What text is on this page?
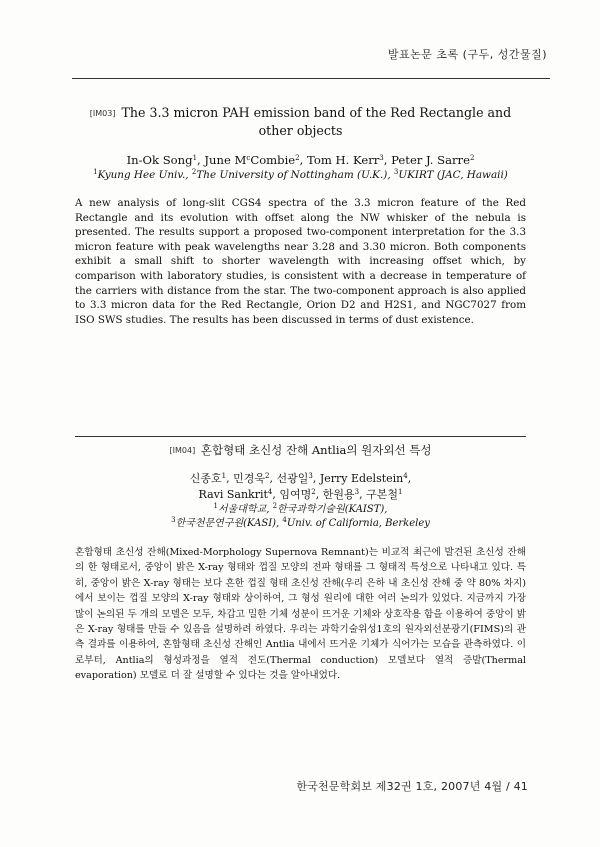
발표논문 초록 (구두, 성간물질)
[IM03] The 3.3 micron PAH emission band of the Red Rectangle and other objects
In-Ok Song$^1$, June $M^cCombie^2$, Tom H. Kerr$^3$, Peter J. Sarre$^2$
$^1$Kyung Hee Univ., $^2$The University of Nottingham (U.K.), $^3$UKIRT (JAC, Hawaii)
A new analysis of long-slit CGS4 spectra of the 3.3 micron feature of the Red Rectangle and its evolution with offset along the NW whisker of the nebula is presented. The results support a proposed two-component interpretation for the 3.3 micron feature with peak wavelengths near 3.28 and 3.30 micron. Both components exhibit a small shift to shorter wavelength with increasing offset which, by comparison with laboratory studies, is consistent with a decrease in temperature of the carriers with distance from the star. The two-component approach is also applied to 3.3 micron data for the Red Rectangle, Orion D2 and H2S1, and NGC7027 from ISO SWS studies. The results has been discussed in terms of dust existence.
[IM04] 혼합형태 초신성 잔해 Antlia의 원자외선 특성
신종호$^1$, 민경욱$^2$, 선광일$^3$, Jerry Edelstein$^4$,
Ravi Sankrit$^4$, 임여명$^2$, 한원용$^3$, 구본철$^1$
$^1$서울대학교, $^2$한국과학기술원(KAIST),
$^3$한국천문연구원(KASI), $^4$Univ. of California, Berkeley
혼합형태 초신성 잔해(Mixed-Morphology Supernova Remnant)는 비교적 최근에 발견된 초신성 잔해의 한 형태로서, 중앙이 밝은 X-ray 형태와 껍질 모양의 전파 형태를 그 형태적 특성으로 나타내고 있다. 특히, 중앙이 밝은 X-ray 형태는 보다 흔한 껍질 형태 초신성 잔해(우리 은하 내 초신성 잔해 중 약 80% 차지)에서 보이는 껍질 모양의 X-ray 형태와 상이하여, 그 형성 원리에 대한 여러 논의가 있었다. 지금까지 가장 많이 논의된 두 개의 모델은 모두, 차갑고 밀한 기체 성분이 뜨거운 기체와 상호작용 함을 이용하여 중앙이 밝은 X-ray 형태를 만들 수 있음을 설명하려 하였다. 우리는 과학기술위성1호의 원자외선분광기(FIMS)의 관측 결과를 이용하여, 혼합형태 초신성 잔해인 Antlia 내에서 뜨거운 기체가 식어가는 모습을 관측하였다. 이로부터, Antlia의 형성과정을 열적 전도(Thermal conduction) 모델보다 열적 증발(Thermal evaporation) 모델로 더 잘 설명할 수 있다는 것을 알아내었다.
한국천문학회보 제32권 1호, 2007년 4월 / 41
